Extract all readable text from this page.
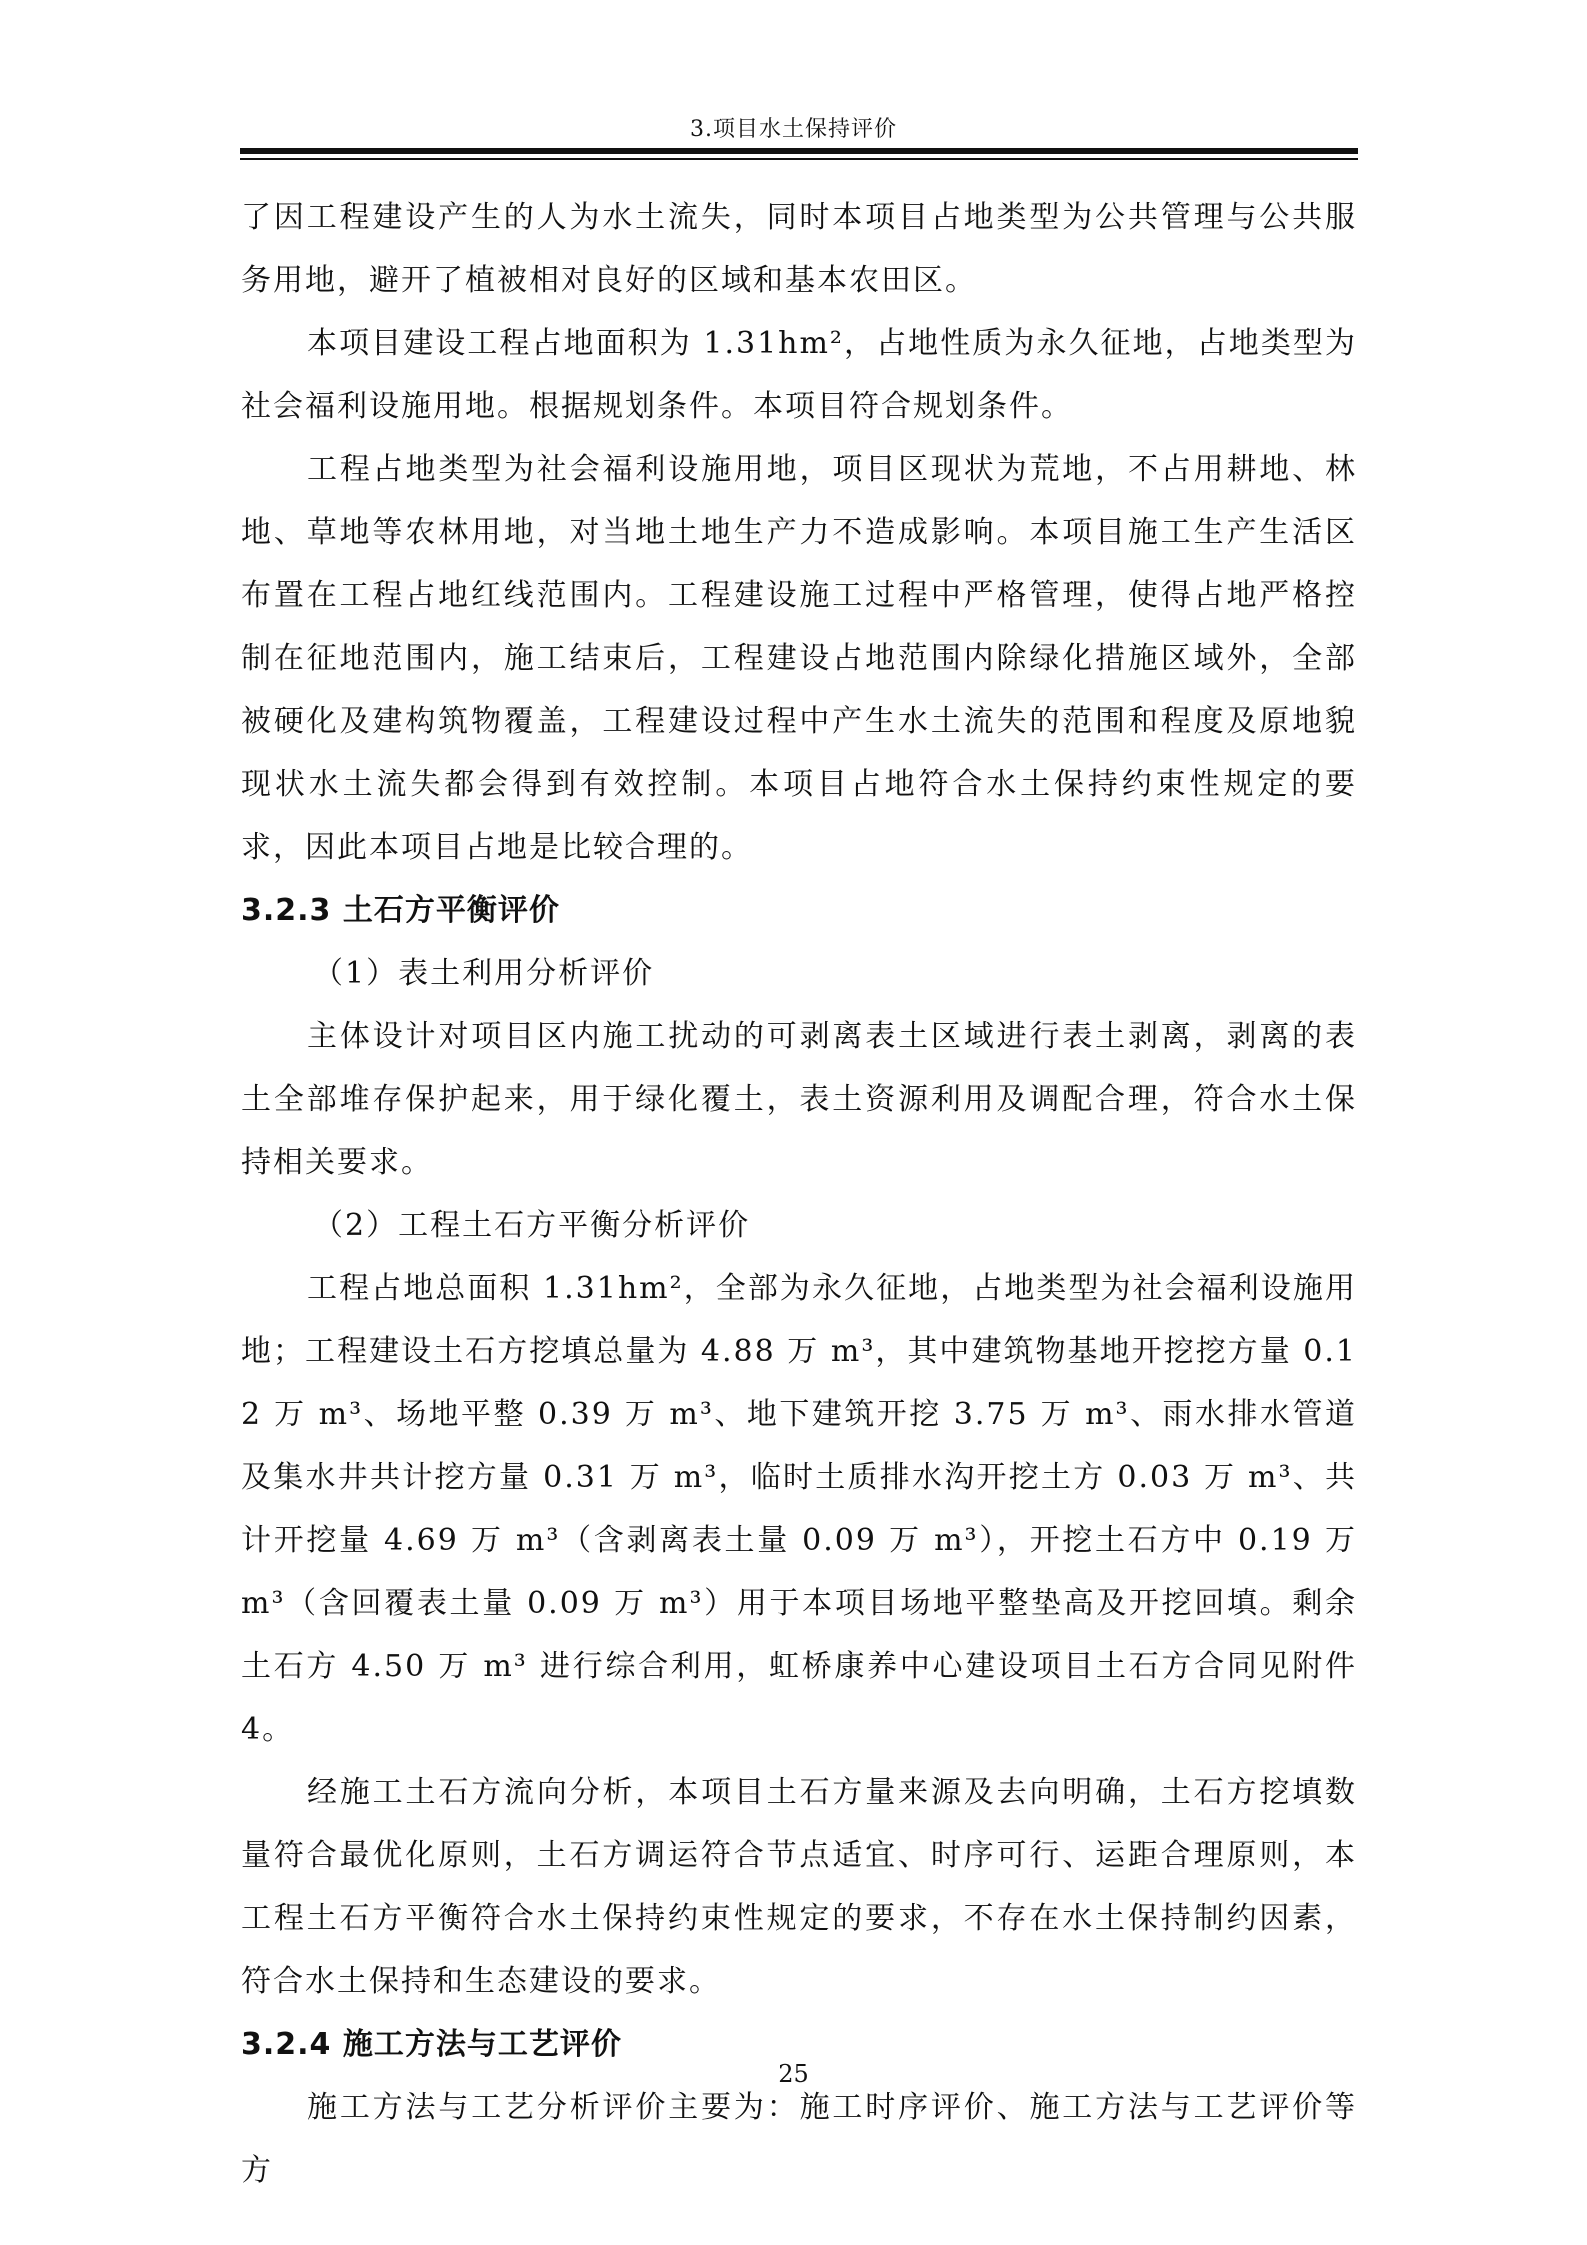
3.项目水土保持评价

了因工程建设产生的人为水土流失，同时本项目占地类型为公共管理与公共服务用地，避开了植被相对良好的区域和基本农田区。

本项目建设工程占地面积为 1.31hm²，占地性质为永久征地，占地类型为社会福利设施用地。根据规划条件。本项目符合规划条件。

工程占地类型为社会福利设施用地，项目区现状为荒地，不占用耕地、林地、草地等农林用地，对当地土地生产力不造成影响。本项目施工生产生活区布置在工程占地红线范围内。工程建设施工过程中严格管理，使得占地严格控制在征地范围内，施工结束后，工程建设占地范围内除绿化措施区域外，全部被硬化及建构筑物覆盖，工程建设过程中产生水土流失的范围和程度及原地貌现状水土流失都会得到有效控制。本项目占地符合水土保持约束性规定的要求，因此本项目占地是比较合理的。

3.2.3 土石方平衡评价
（1）表土利用分析评价

主体设计对项目区内施工扰动的可剥离表土区域进行表土剥离，剥离的表土全部堆存保护起来，用于绿化覆土，表土资源利用及调配合理，符合水土保持相关要求。

（2）工程土石方平衡分析评价

工程占地总面积 1.31hm²，全部为永久征地，占地类型为社会福利设施用地；工程建设土石方挖填总量为 4.88 万 m³，其中建筑物基地开挖挖方量 0.12 万 m³、场地平整 0.39 万 m³、地下建筑开挖 3.75 万 m³、雨水排水管道及集水井共计挖方量 0.31 万 m³，临时土质排水沟开挖土方 0.03 万 m³、共计开挖量 4.69 万 m³（含剥离表土量 0.09 万 m³），开挖土石方中 0.19 万 m³（含回覆表土量 0.09 万 m³）用于本项目场地平整垫高及开挖回填。剩余土石方 4.50 万 m³ 进行综合利用，虹桥康养中心建设项目土石方合同见附件 4。

经施工土石方流向分析，本项目土石方量来源及去向明确，土石方挖填数量符合最优化原则，土石方调运符合节点适宜、时序可行、运距合理原则，本工程土石方平衡符合水土保持约束性规定的要求，不存在水土保持制约因素，符合水土保持和生态建设的要求。

3.2.4 施工方法与工艺评价

施工方法与工艺分析评价主要为：施工时序评价、施工方法与工艺评价等方

25
